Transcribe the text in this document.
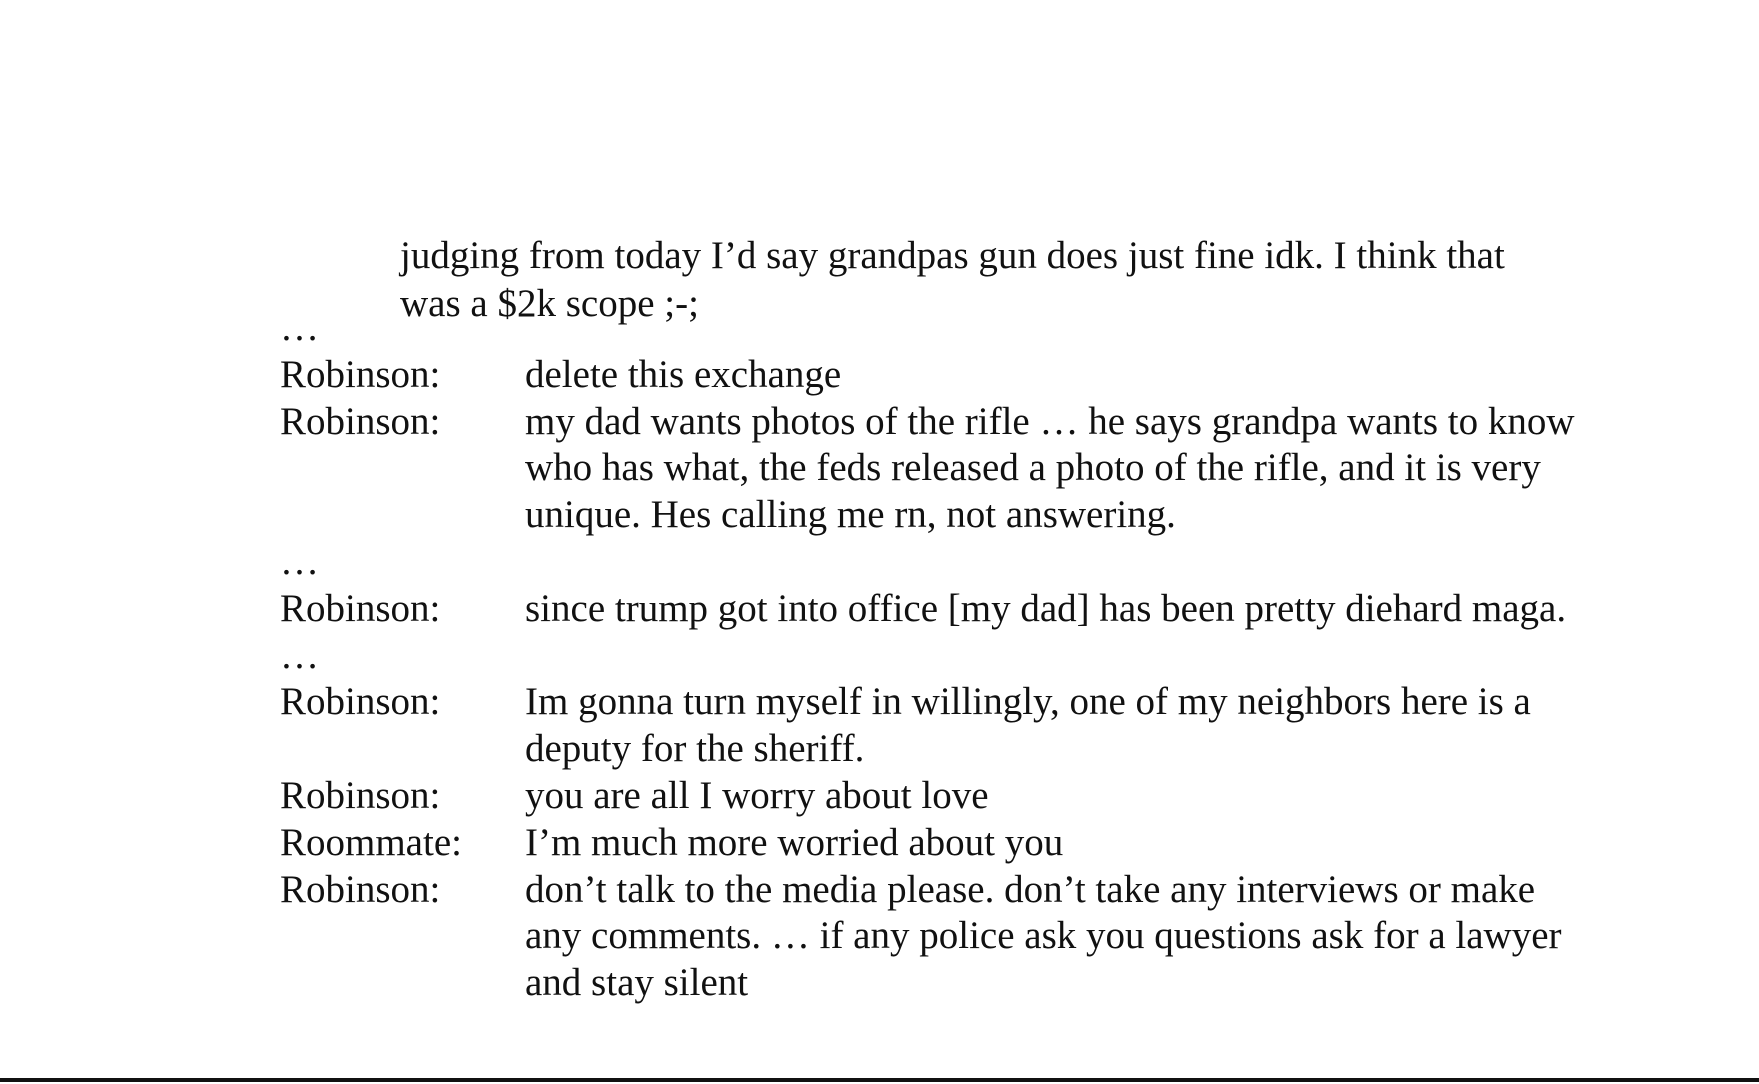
judging from today I’d say grandpas gun does just fine idk. I think that

was a $2k scope ;-;

…
Robinson:	delete this exchange
Robinson:	my dad wants photos of the rifle … he says grandpa wants to know
who has what, the feds released a photo of the rifle, and it is very
unique. Hes calling me rn, not answering.
…
Robinson:	since trump got into office [my dad] has been pretty diehard maga.
…
Robinson:	Im gonna turn myself in willingly, one of my neighbors here is a
deputy for the sheriff.
Robinson:	you are all I worry about love
Roommate:	I’m much more worried about you
Robinson:	don’t talk to the media please. don’t take any interviews or make
any comments. … if any police ask you questions ask for a lawyer
and stay silent
